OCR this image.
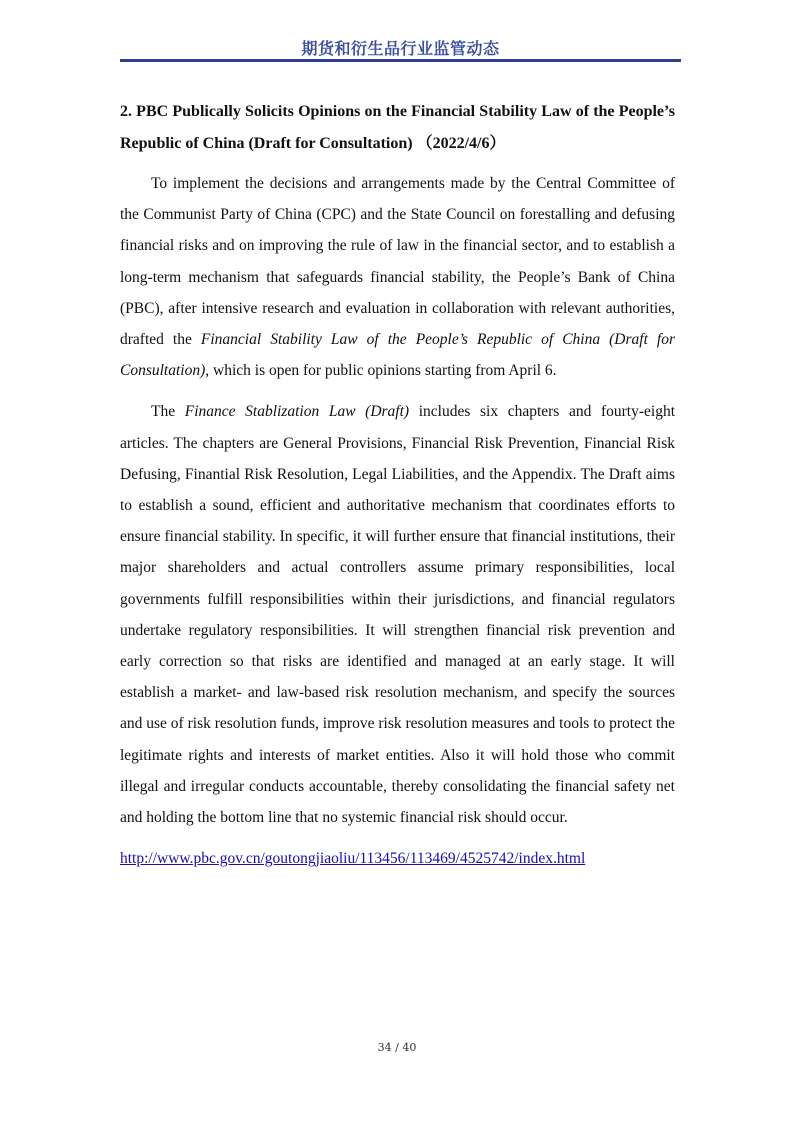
期货和衍生品行业监管动态

2. PBC Publically Solicits Opinions on the Financial Stability Law of the People’s Republic of China (Draft for Consultation) （2022/4/6）

To implement the decisions and arrangements made by the Central Committee of the Communist Party of China (CPC) and the State Council on forestalling and defusing financial risks and on improving the rule of law in the financial sector, and to establish a long-term mechanism that safeguards financial stability, the People’s Bank of China (PBC), after intensive research and evaluation in collaboration with relevant authorities, drafted the Financial Stability Law of the People’s Republic of China (Draft for Consultation), which is open for public opinions starting from April 6.

The Finance Stablization Law (Draft) includes six chapters and fourty-eight articles. The chapters are General Provisions, Financial Risk Prevention, Financial Risk Defusing, Finantial Risk Resolution, Legal Liabilities, and the Appendix. The Draft aims to establish a sound, efficient and authoritative mechanism that coordinates efforts to ensure financial stability. In specific, it will further ensure that financial institutions, their major shareholders and actual controllers assume primary responsibilities, local governments fulfill responsibilities within their jurisdictions, and financial regulators undertake regulatory responsibilities. It will strengthen financial risk prevention and early correction so that risks are identified and managed at an early stage. It will establish a market- and law-based risk resolution mechanism, and specify the sources and use of risk resolution funds, improve risk resolution measures and tools to protect the legitimate rights and interests of market entities. Also it will hold those who commit illegal and irregular conducts accountable, thereby consolidating the financial safety net and holding the bottom line that no systemic financial risk should occur.

http://www.pbc.gov.cn/goutongjiaoliu/113456/113469/4525742/index.html

34 / 40
